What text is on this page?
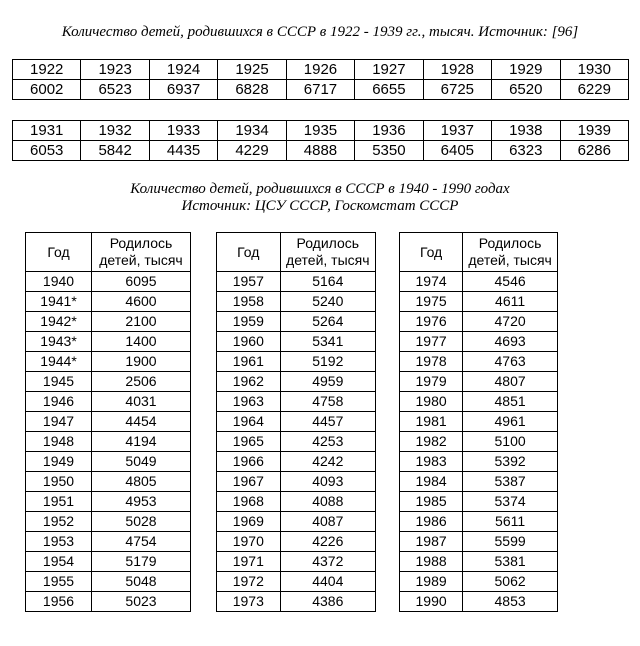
Количество детей, родившихся в СССР в 1922 - 1939 гг., тысяч. Источник: [96]
1922	1923	1924	1925	1926	1927	1928	1929	1930
6002	6523	6937	6828	6717	6655	6725	6520	6229
1931	1932	1933	1934	1935	1936	1937	1938	1939
6053	5842	4435	4229	4888	5350	6405	6323	6286
Количество детей, родившихся в СССР в 1940 - 1990 годах
Источник: ЦСУ СССР, Госкомстат СССР
Год	Родилось
детей, тысяч

1940	6095
1941*	4600
1942*	2100
1943*	1400
1944*	1900
1945	2506
1946	4031
1947	4454
1948	4194
1949	5049
1950	4805
1951	4953
1952	5028
1953	4754
1954	5179
1955	5048
1956	5023
Год	Родилось
детей, тысяч

1957	5164
1958	5240
1959	5264
1960	5341
1961	5192
1962	4959
1963	4758
1964	4457
1965	4253
1966	4242
1967	4093
1968	4088
1969	4087
1970	4226
1971	4372
1972	4404
1973	4386
Год	Родилось
детей, тысяч

1974	4546
1975	4611
1976	4720
1977	4693
1978	4763
1979	4807
1980	4851
1981	4961
1982	5100
1983	5392
1984	5387
1985	5374
1986	5611
1987	5599
1988	5381
1989	5062
1990	4853
